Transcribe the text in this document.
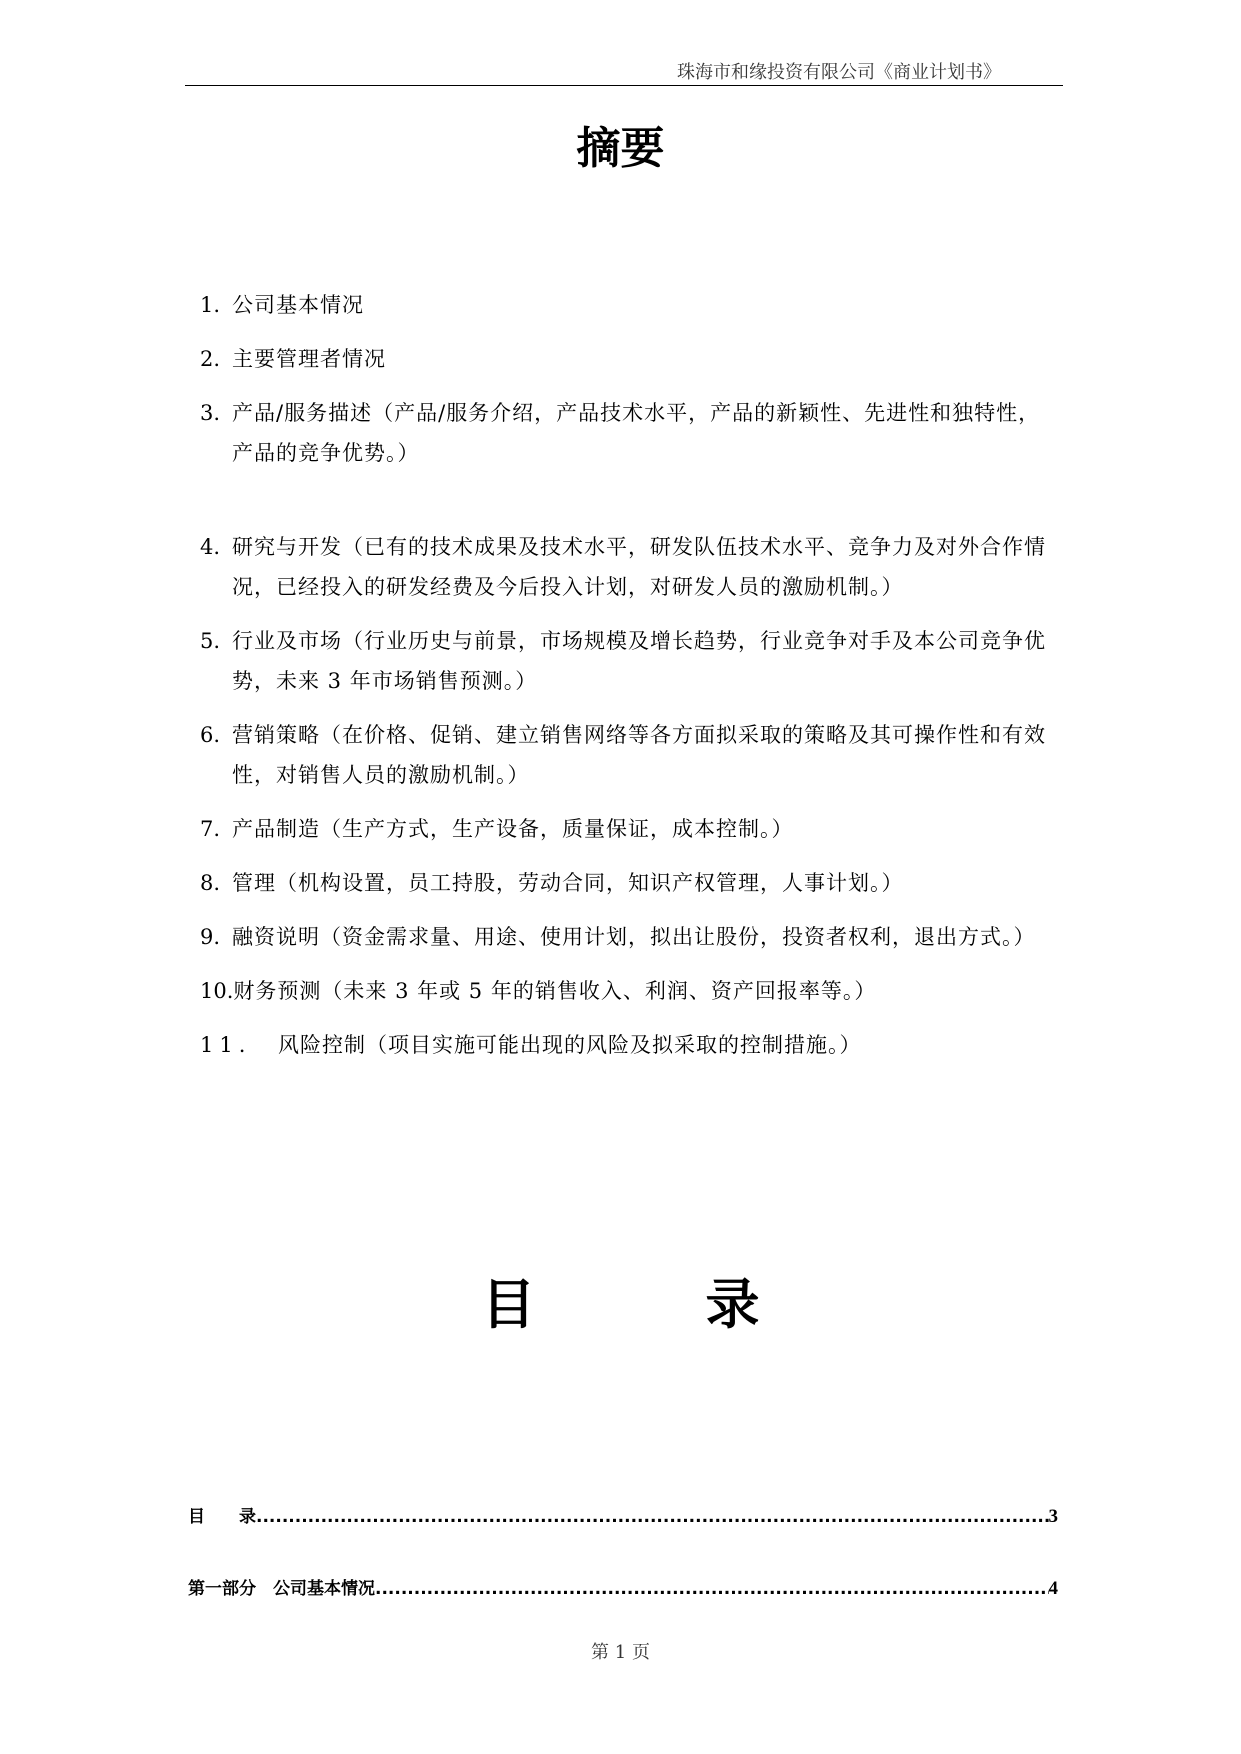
珠海市和缘投资有限公司《商业计划书》
摘要
1. 公司基本情况
2. 主要管理者情况
3. 产品/服务描述（产品/服务介绍，产品技术水平，产品的新颖性、先进性和独特性，产品的竞争优势。）
4. 研究与开发（已有的技术成果及技术水平，研发队伍技术水平、竞争力及对外合作情况，已经投入的研发经费及今后投入计划，对研发人员的激励机制。）
5. 行业及市场（行业历史与前景，市场规模及增长趋势，行业竞争对手及本公司竞争优势，未来 3 年市场销售预测。）
6. 营销策略（在价格、促销、建立销售网络等各方面拟采取的策略及其可操作性和有效性，对销售人员的激励机制。）
7. 产品制造（生产方式，生产设备，质量保证，成本控制。）
8. 管理（机构设置，员工持股，劳动合同，知识产权管理，人事计划。）
9. 融资说明（资金需求量、用途、使用计划，拟出让股份，投资者权利，退出方式。）
10. 财务预测（未来 3 年或 5 年的销售收入、利润、资产回报率等。）
11.	风险控制（项目实施可能出现的风险及拟采取的控制措施。）
目	录
目　　录 .....	3
第一部分　公司基本情况 .....	4
第 1 页
